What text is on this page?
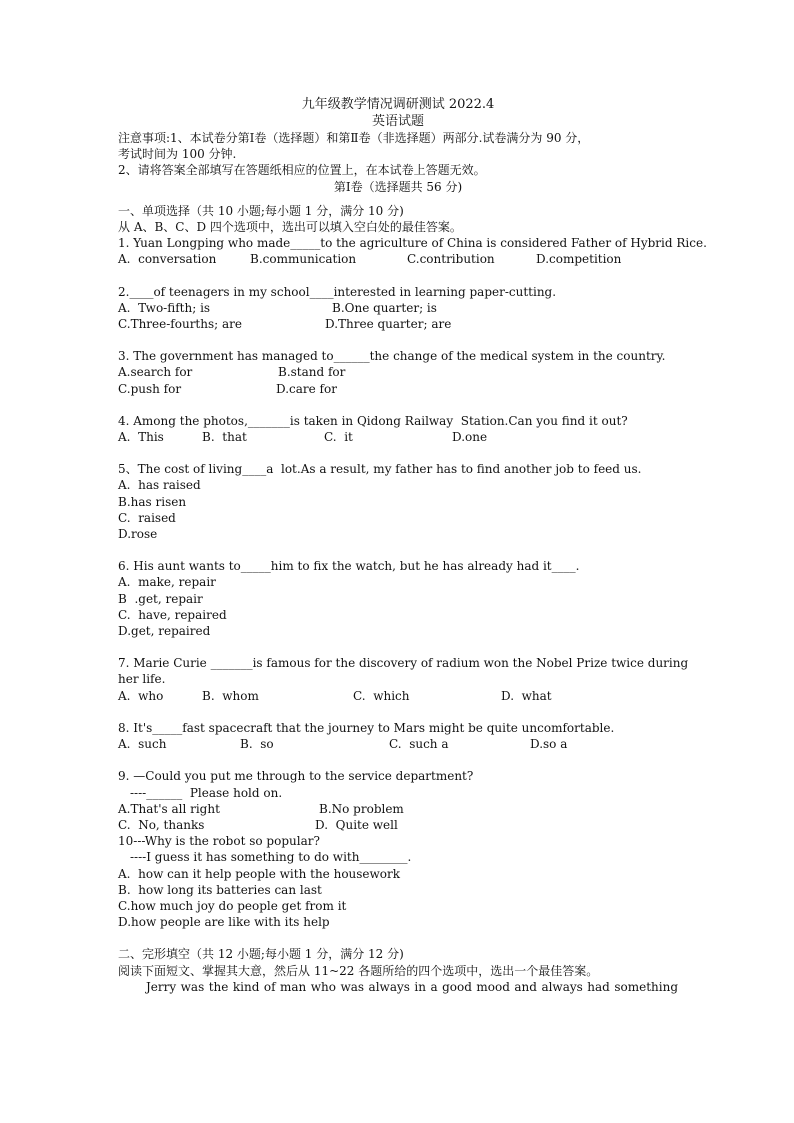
九年级教学情况调研测试 2022.4
英语试题
注意事项:1、本试卷分第Ⅰ卷（选择题）和第Ⅱ卷（非选择题）两部分.试卷满分为 90 分，
考试时间为 100 分钟.
2、请将答案全部填写在答题纸相应的位置上，在本试卷上答题无效。
第Ⅰ卷（选择题共 56 分)
一、单项选择（共 10 小题;每小题 1 分，满分 10 分)
从 A、B、C、D 四个选项中，选出可以填入空白处的最佳答案。
1. Yuan Longping who made_____to the agriculture of China is considered Father of Hybrid Rice.
A.  conversation	B.communication	C.contribution	D.competition
2.____of teenagers in my school____interested in learning paper-cutting.
A.  Two-fifth; is	B.One quarter; is
C.Three-fourths; are	D.Three quarter; are
3. The government has managed to______the change of the medical system in the country.
A.search for	B.stand for
C.push for	D.care for
4. Among the photos,_______is taken in Qidong Railway  Station.Can you find it out?
A.  This	B.  that	C.  it	D.one
5、The cost of living____a  lot.As a result, my father has to find another job to feed us.
A.  has raised
B.has risen
C.  raised
D.rose
6. His aunt wants to_____him to fix the watch, but he has already had it____.
A.  make, repair
B  .get, repair
C.  have, repaired
D.get, repaired
7. Marie Curie _______is famous for the discovery of radium won the Nobel Prize twice during
her life.
A.  who	B.  whom	C.  which	D.  what
8. It's_____fast spacecraft that the journey to Mars might be quite uncomfortable.
A.  such	B.  so	C.  such a	D.so a
9. —Could you put me through to the service department?
----______  Please hold on.
A.That's all right	B.No problem
C.  No, thanks	D.  Quite well
10---Why is the robot so popular?
----I guess it has something to do with________.
A.  how can it help people with the housework
B.  how long its batteries can last
C.how much joy do people get from it
D.how people are like with its help
二、完形填空（共 12 小题;每小题 1 分，满分 12 分)
阅读下面短文、掌握其大意，然后从 11~22 各题所给的四个选项中，选出一个最佳答案。
Jerry was the kind of man who was always in a good mood and always had something
